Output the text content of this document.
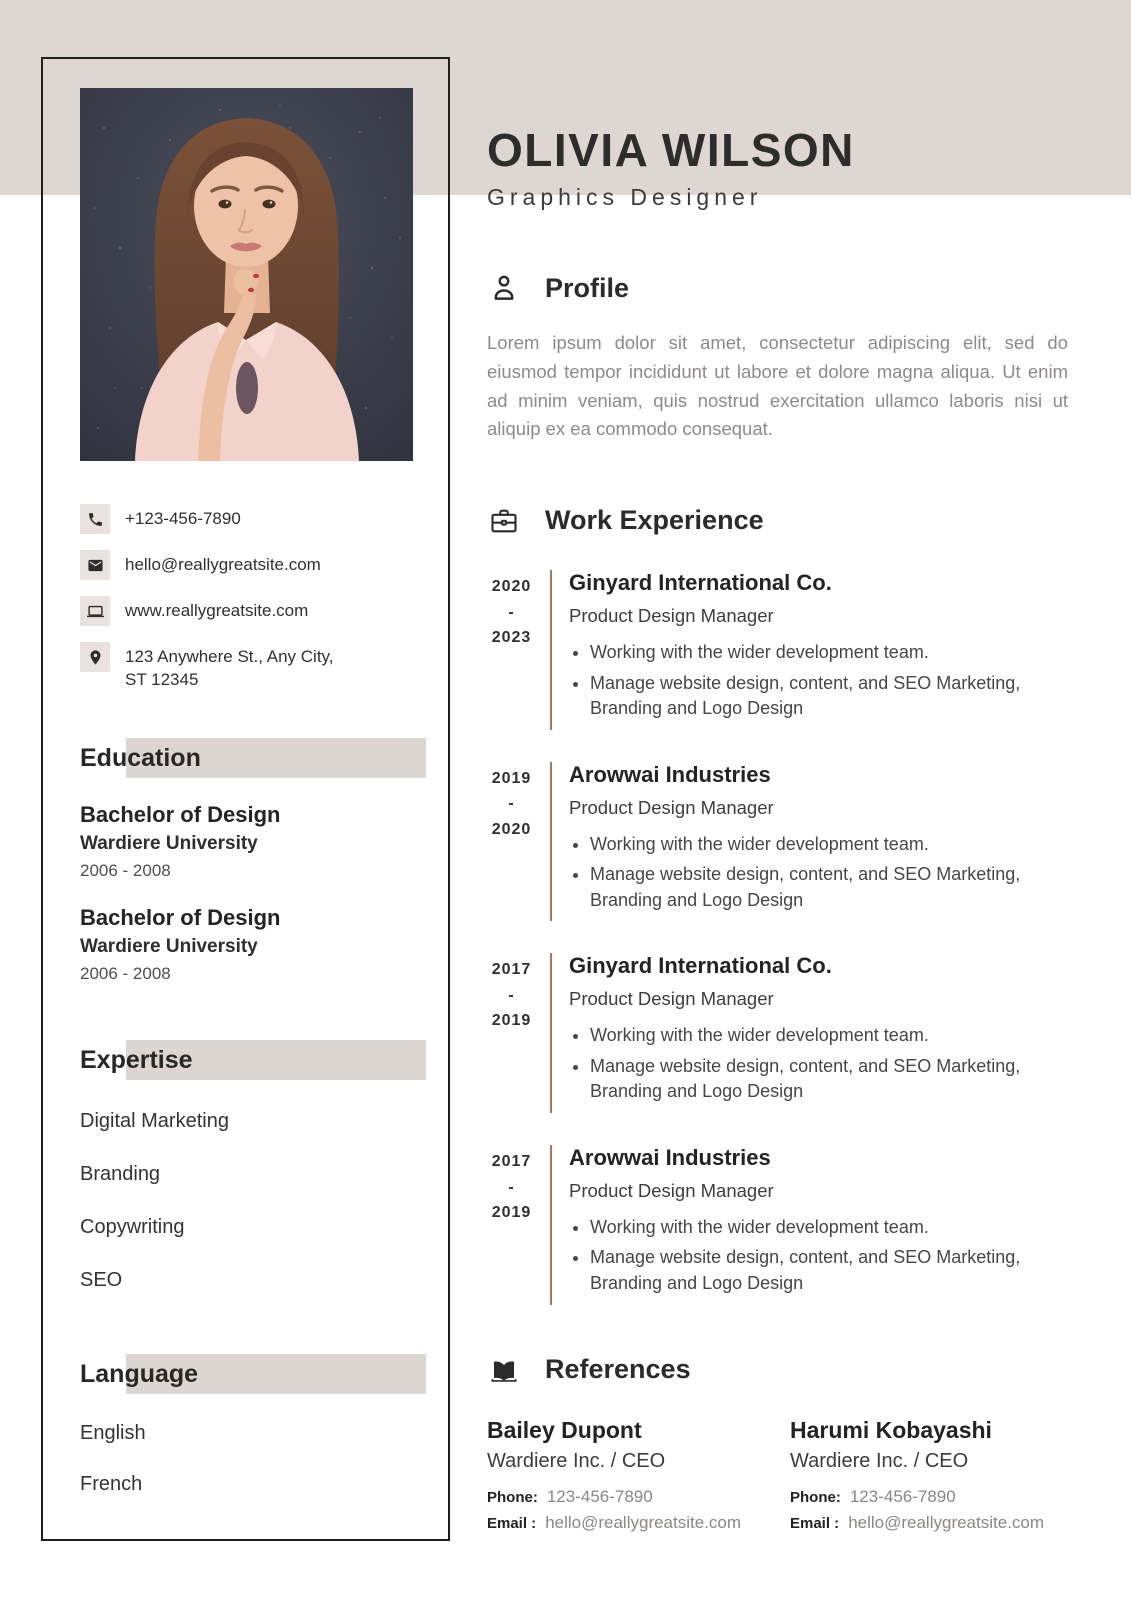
+123-456-7890
hello@reallygreatsite.com
www.reallygreatsite.com
123 Anywhere St., Any City, ST 12345
Education
Bachelor of Design
Wardiere University
2006 - 2008
Bachelor of Design
Wardiere University
2006 - 2008
Expertise
Digital Marketing
Branding
Copywriting
SEO
Language
English
French
OLIVIA WILSON
Graphics Designer
Profile

Lorem ipsum dolor sit amet, consectetur adipiscing elit, sed do eiusmod tempor incididunt ut labore et dolore magna aliqua. Ut enim ad minim veniam, quis nostrud exercitation ullamco laboris nisi ut aliquip ex ea commodo consequat.

Work Experience
2020
-
2023
Ginyard International Co.
Product Design Manager
• Working with the wider development team.
• Manage website design, content, and SEO Marketing, Branding and Logo Design
2019
-
2020
Arowwai Industries
Product Design Manager
• Working with the wider development team.
• Manage website design, content, and SEO Marketing, Branding and Logo Design
2017
-
2019
Ginyard International Co.
Product Design Manager
• Working with the wider development team.
• Manage website design, content, and SEO Marketing, Branding and Logo Design
2017
-
2019
Arowwai Industries
Product Design Manager
• Working with the wider development team.
• Manage website design, content, and SEO Marketing, Branding and Logo Design
References
Bailey Dupont
Wardiere Inc. / CEO
Phone: 123-456-7890
Email : hello@reallygreatsite.com
Harumi Kobayashi
Wardiere Inc. / CEO
Phone: 123-456-7890
Email : hello@reallygreatsite.com
